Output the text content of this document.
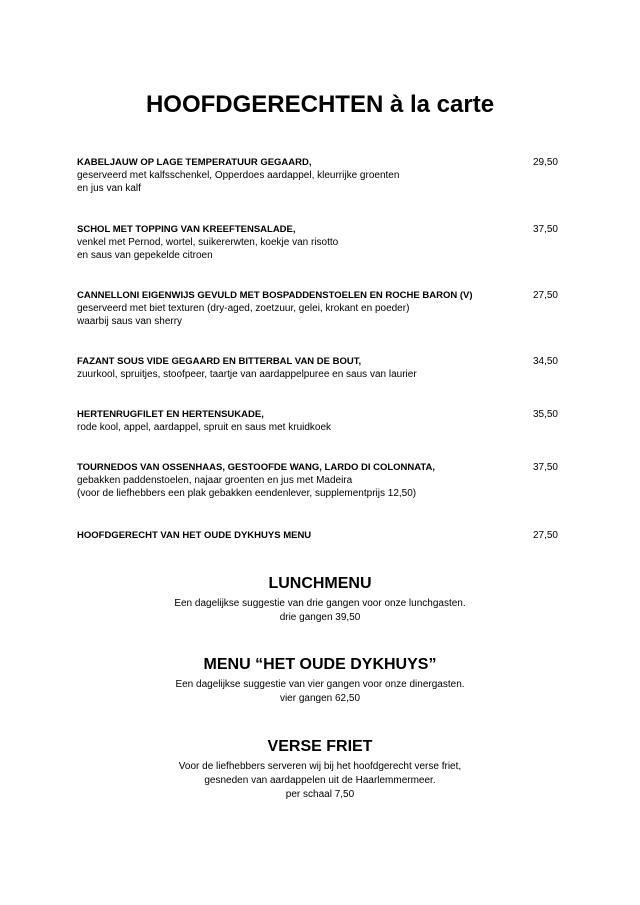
HOOFDGERECHTEN à la carte
KABELJAUW OP LAGE TEMPERATUUR GEGAARD,
geserveerd met kalfsschenkel, Opperdoes aardappel, kleurrijke groenten
en jus van kalf
29,50
SCHOL MET TOPPING VAN KREEFTENSALADE,
venkel met Pernod, wortel, suikererwten, koekje van risotto
en saus van gepekelde citroen
37,50
CANNELLONI EIGENWIJS GEVULD MET BOSPADDENSTOELEN EN ROCHE BARON (V)
geserveerd met biet texturen (dry-aged, zoetzuur, gelei, krokant en poeder)
waarbij saus van sherry
27,50
FAZANT SOUS VIDE GEGAARD EN BITTERBAL VAN DE BOUT,
zuurkool, spruitjes, stoofpeer, taartje van aardappelpuree en saus van laurier
34,50
HERTENRUGFILET EN HERTENSUKADE,
rode kool, appel, aardappel, spruit en saus met kruidkoek
35,50
TOURNEDOS VAN OSSENHAAS, GESTOOFDE WANG, LARDO DI COLONNATA,
gebakken paddenstoelen, najaar groenten en jus met Madeira
(voor de liefhebbers een plak gebakken eendenlever, supplementprijs 12,50)
37,50
HOOFDGERECHT VAN HET OUDE DYKHUYS MENU	27,50
LUNCHMENU
Een dagelijkse suggestie van drie gangen voor onze lunchgasten.
drie gangen 39,50
MENU “HET OUDE DYKHUYS”
Een dagelijkse suggestie van vier gangen voor onze dinergasten.
vier gangen 62,50
VERSE FRIET
Voor de liefhebbers serveren wij bij het hoofdgerecht verse friet,
gesneden van aardappelen uit de Haarlemmermeer.
per schaal 7,50
